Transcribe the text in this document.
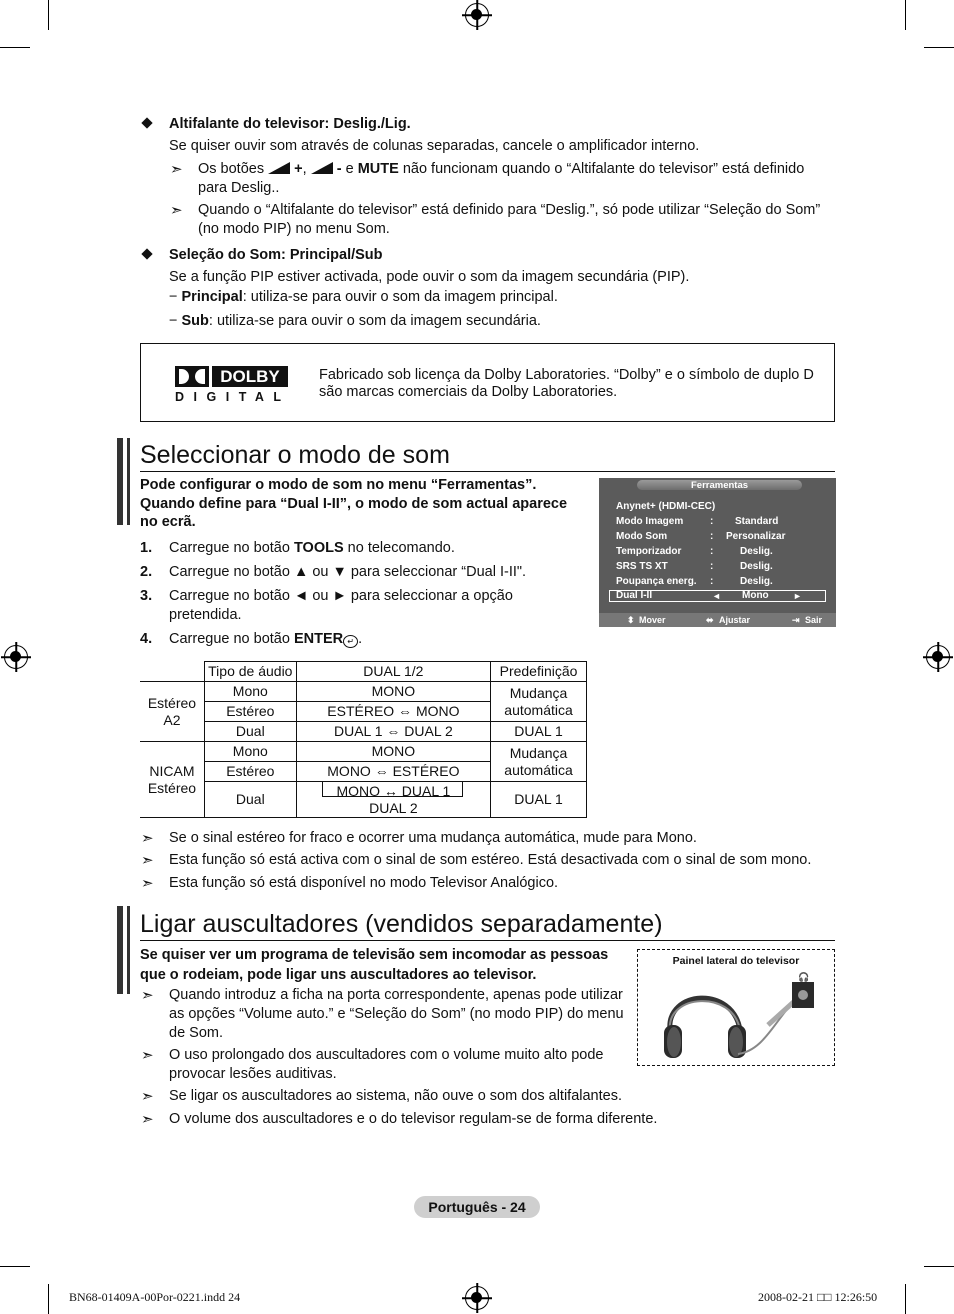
Altifalante do televisor: Deslig./Lig.
Se quiser ouvir som através de colunas separadas, cancele o amplificador interno.
➣ Os botões +,  - e MUTE não funcionam quando o “Altifalante do televisor” está definido
para Deslig..
➣ Quando o “Altifalante do televisor” está definido para “Deslig.”, só pode utilizar “Seleção do Som”
(no modo PIP) no menu Som.
Seleção do Som: Principal/Sub
Se a função PIP estiver activada, pode ouvir o som da imagem secundária (PIP).
− Principal: utiliza-se para ouvir o som da imagem principal.
− Sub: utiliza-se para ouvir o som da imagem secundária.
DOLBY
DIGITAL
Fabricado sob licença da Dolby Laboratories. “Dolby” e o símbolo de duplo D
são marcas comerciais da Dolby Laboratories.
Seleccionar o modo de som
Pode configurar o modo de som no menu “Ferramentas”.
Quando define para “Dual I-II”, o modo de som actual aparece
no ecrã.
1. Carregue no botão TOOLS no telecomando.
2. Carregue no botão ▲ ou ▼ para seleccionar “Dual I-II".
3. Carregue no botão ◄ ou ► para seleccionar a opção
pretendida.
4. Carregue no botão ENTER ↵ .
Ferramentas
Anynet+ (HDMI-CEC)
Modo Imagem	: Standard
Modo Som	: Personalizar
Temporizador	:	Deslig.
SRS TS XT	:	Deslig.
Poupança energ. :	Deslig.
Dual I-II	◄ Mono	►
⬍ Mover	⬌ Ajustar	⇥ Sair
	Tipo de áudio	DUAL 1/2	Predefinição
Estéreo
A2	Mono	MONO	Mudança
automática
	Estéreo	ESTÉREO ⇔ MONO	
	Dual	DUAL 1 ⇔ DUAL 2	DUAL 1
NICAM
Estéreo	Mono	MONO	Mudança
automática
	Estéreo	MONO ⇔ ESTÉREO	
	Dual	MONO ↔ DUAL 1
DUAL 2	DUAL 1
➣ Se o sinal estéreo for fraco e ocorrer uma mudança automática, mude para Mono.
➣ Esta função só está activa com o sinal de som estéreo. Está desactivada com o sinal de som mono.
➣ Esta função só está disponível no modo Televisor Analógico.
Ligar auscultadores (vendidos separadamente)
Se quiser ver um programa de televisão sem incomodar as pessoas
que o rodeiam, pode ligar uns auscultadores ao televisor.
➣ Quando introduz a ficha na porta correspondente, apenas pode utilizar
as opções “Volume auto.” e “Seleção do Som” (no modo PIP) do menu
de Som.
➣ O uso prolongado dos auscultadores com o volume muito alto pode
provocar lesões auditivas.
➣ Se ligar os auscultadores ao sistema, não ouve o som dos altifalantes.
➣ O volume dos auscultadores e o do televisor regulam-se de forma diferente.
Painel lateral do televisor
🎧
Português - 24
BN68-01409A-00Por-0221.indd 24	2008-02-21 □□ 12:26:50
